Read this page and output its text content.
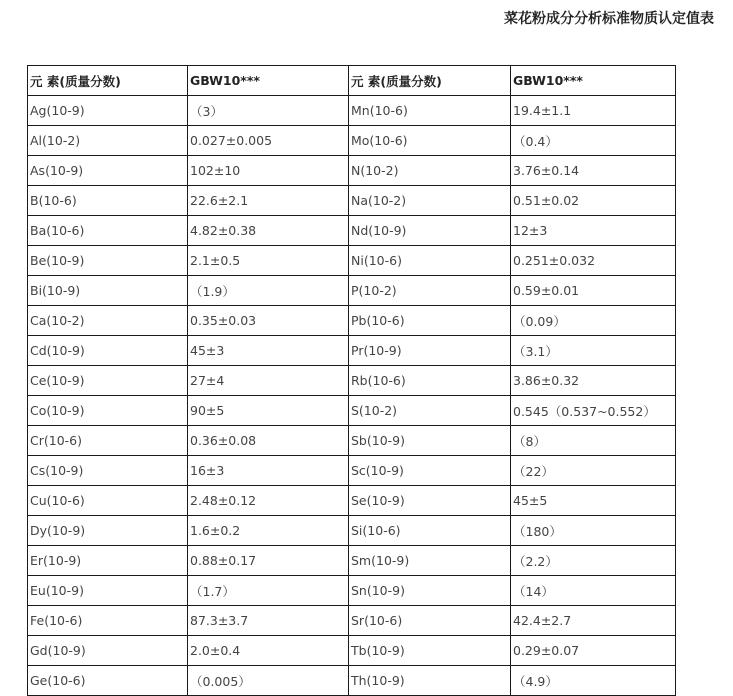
菜花粉成分分析标准物质认定值表
元 素(质量分数)	GBW10***	元 素(质量分数)	GBW10***
Ag(10-9)	（3）	Mn(10-6)	19.4±1.1
Al(10-2)	0.027±0.005	Mo(10-6)	（0.4）
As(10-9)	102±10	N(10-2)	3.76±0.14
B(10-6)	22.6±2.1	Na(10-2)	0.51±0.02
Ba(10-6)	4.82±0.38	Nd(10-9)	12±3
Be(10-9)	2.1±0.5	Ni(10-6)	0.251±0.032
Bi(10-9)	（1.9）	P(10-2)	0.59±0.01
Ca(10-2)	0.35±0.03	Pb(10-6)	（0.09）
Cd(10-9)	45±3	Pr(10-9)	（3.1）
Ce(10-9)	27±4	Rb(10-6)	3.86±0.32
Co(10-9)	90±5	S(10-2)	0.545（0.537~0.552）
Cr(10-6)	0.36±0.08	Sb(10-9)	（8）
Cs(10-9)	16±3	Sc(10-9)	（22）
Cu(10-6)	2.48±0.12	Se(10-9)	45±5
Dy(10-9)	1.6±0.2	Si(10-6)	（180）
Er(10-9)	0.88±0.17	Sm(10-9)	（2.2）
Eu(10-9)	（1.7）	Sn(10-9)	（14）
Fe(10-6)	87.3±3.7	Sr(10-6)	42.4±2.7
Gd(10-9)	2.0±0.4	Tb(10-9)	0.29±0.07
Ge(10-6)	（0.005）	Th(10-9)	（4.9）
